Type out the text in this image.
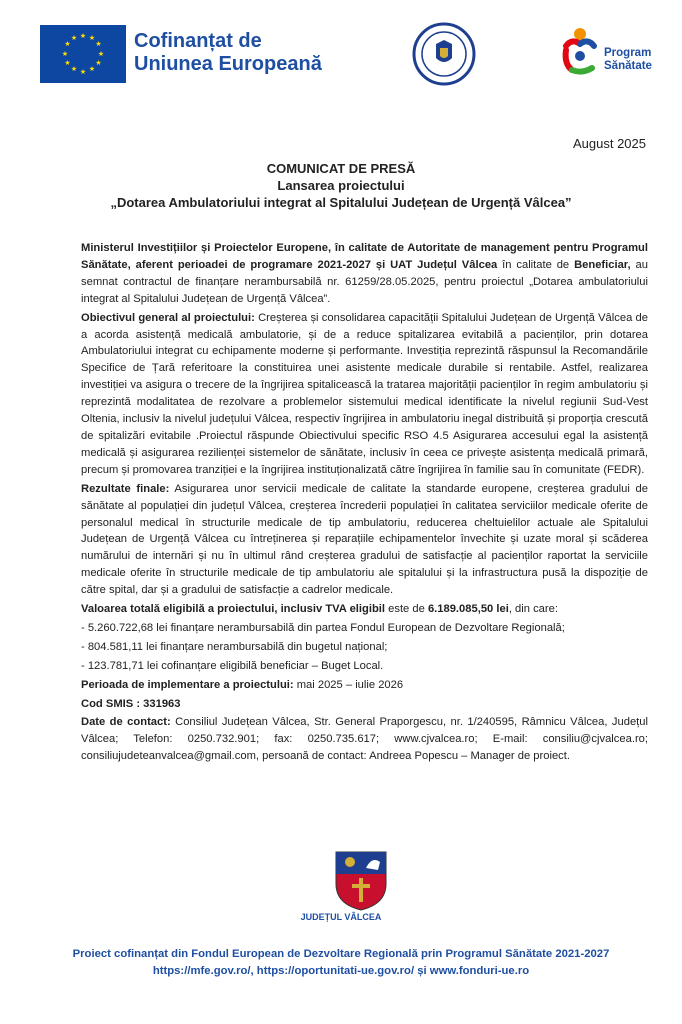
★ ★
★
★
★
★
★
★
★
★
★
★	Cofinanțat de
Uniunea Europeană	Program
Sănătate
August 2025
COMUNICAT DE PRESĂ
Lansarea proiectului
„Dotarea Ambulatoriului integrat al Spitalului Județean de Urgență Vâlcea”

Ministerul Investițiilor și Proiectelor Europene, în calitate de Autoritate de management pentru Programul Sănătate, aferent perioadei de programare 2021-2027 și UAT Județul Vâlcea în calitate de Beneficiar, au semnat contractul de finanțare nerambursabilă nr. 61259/28.05.2025, pentru proiectul „Dotarea ambulatoriului integrat al Spitalului Județean de Urgență Vâlcea”.

Obiectivul general al proiectului: Creșterea și consolidarea capacității Spitalului Județean de Urgență Vâlcea de a acorda asistență medicală ambulatorie, și de a reduce spitalizarea evitabilă a pacienților, prin dotarea Ambulatoriului integrat cu echipamente moderne și performante. Investiția reprezintă răspunsul la Recomandările Specifice de Țară referitoare la constituirea unei asistente medicale durabile si rentabile. Astfel, realizarea investiției va asigura o trecere de la îngrijirea spitalicească la tratarea majorității pacienților în regim ambulatoriu și reprezintă modalitatea de rezolvare a problemelor sistemului medical identificate la nivelul regiunii Sud-Vest Oltenia, inclusiv la nivelul județului Vâlcea, respectiv îngrijirea in ambulatoriu inegal distribuită și proporția crescută de spitalizări evitabile .Proiectul răspunde Obiectivului specific RSO 4.5 Asigurarea accesului egal la asistență medicală și asigurarea rezilienței sistemelor de sănătate, inclusiv în ceea ce privește asistența medicală primară, precum și promovarea tranziției e la îngrijirea instituționalizată către îngrijirea în familie sau în comunitate (FEDR).

Rezultate finale: Asigurarea unor servicii medicale de calitate la standarde europene, creșterea gradului de sănătate al populației din județul Vâlcea, creșterea încrederii populației în calitatea serviciilor medicale oferite de personalul medical în structurile medicale de tip ambulatoriu, reducerea cheltuielilor actuale ale Spitalului Județean de Urgență Vâlcea cu întreținerea și reparațiile echipamentelor învechite și uzate moral și scăderea numărului de internări și nu în ultimul rând creșterea gradului de satisfacție al pacienților raportat la serviciile medicale oferite în structurile medicale de tip ambulatoriu ale spitalului și la infrastructura pusă la dispoziție de către spital, dar și a gradului de satisfacție a cadrelor medicale.

Valoarea totală eligibilă a proiectului, inclusiv TVA eligibil este de 6.189.085,50 lei, din care:

- 5.260.722,68 lei finanțare nerambursabilă din partea Fondul European de Dezvoltare Regională;

- 804.581,11 lei finanțare nerambursabilă din bugetul național;

- 123.781,71 lei cofinanțare eligibilă beneficiar – Buget Local.

Perioada de implementare a proiectului: mai 2025 – iulie 2026

Cod SMIS : 331963

Date de contact: Consiliul Județean Vâlcea, Str. General Praporgescu, nr. 1/240595, Râmnicu Vâlcea, Județul Vâlcea; Telefon: 0250.732.901; fax: 0250.735.617; www.cjvalcea.ro; E-mail: consiliu@cjvalcea.ro; consiliujudeteanvalcea@gmail.com, persoană de contact: Andreea Popescu – Manager de proiect.

JUDEȚUL VÂLCEA
Proiect cofinanțat din Fondul European de Dezvoltare Regională prin Programul Sănătate 2021-2027
https://mfe.gov.ro/, https://oportunitati-ue.gov.ro/ și www.fonduri-ue.ro
